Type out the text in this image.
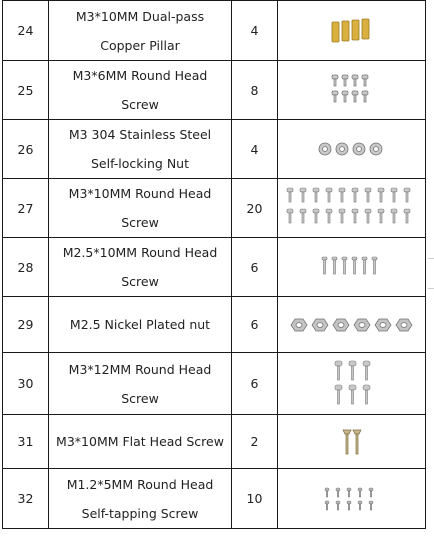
24	M3*10MM Dual-pass
Copper Pillar	4	

25	M3*6MM Round Head
Screw	8	

26	M3 304 Stainless Steel
Self-locking Nut	4	

27	M3*10MM Round Head
Screw	20	

28	M2.5*10MM Round Head
Screw	6	

29	M2.5 Nickel Plated nut	6	

30	M3*12MM Round Head
Screw	6	

31	M3*10MM Flat Head Screw	2	

32	M1.2*5MM Round Head
Self-tapping Screw	10	
